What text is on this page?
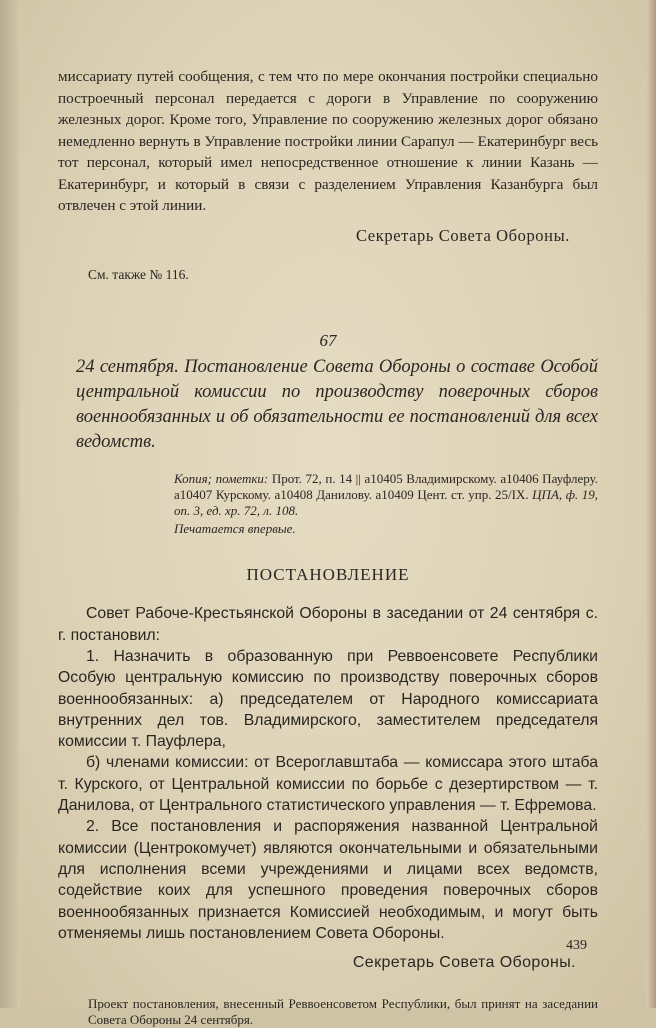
миссариату путей сообщения, с тем что по мере окончания постройки специально построечный персонал передается с дороги в Управление по сооружению железных дорог. Кроме того, Управление по сооружению железных дорог обязано немедленно вернуть в Управление постройки линии Сарапул — Екатеринбург весь тот персонал, который имел непосредственное отношение к линии Казань — Екатеринбург, и который в связи с разделением Управления Казанбурга был отвлечен с этой линии.

Секретарь Совета Обороны.

См. также № 116.

67

24 сентября. Постановление Совета Обороны о составе Особой центральной комиссии по производству поверочных сборов военнообязанных и об обязательности ее постановлений для всех ведомств.

Копия; пометки: Прот. 72, п. 14 || а10405 Владимирскому. а10406 Пауфлеру. а10407 Курскому. а10408 Данилову. а10409 Цент. ст. упр. 25/IX. ЦПА, ф. 19, оп. 3, ед. хр. 72, л. 108.

Печатается впервые.

ПОСТАНОВЛЕНИЕ

Совет Рабоче-Крестьянской Обороны в заседании от 24 сентября с. г. постановил:

1. Назначить в образованную при Реввоенсовете Республики Особую центральную комиссию по производству поверочных сборов военнообязанных: а) председателем от Народного комиссариата внутренних дел тов. Владимирского, заместителем председателя комиссии т. Пауфлера,

б) членами комиссии: от Всероглавштаба — комиссара этого штаба т. Курского, от Центральной комиссии по борьбе с дезертирством — т. Данилова, от Центрального статистического управления — т. Ефремова.

2. Все постановления и распоряжения названной Центральной комиссии (Центрокомучет) являются окончательными и обязательными для исполнения всеми учреждениями и лицами всех ведомств, содействие коих для успешного проведения поверочных сборов военнообязанных признается Комиссией необходимым, и могут быть отменяемы лишь постановлением Совета Обороны.

Секретарь Совета Обороны.

Проект постановления, внесенный Реввоенсоветом Республики, был принят на заседании Совета Обороны 24 сентября.

439
